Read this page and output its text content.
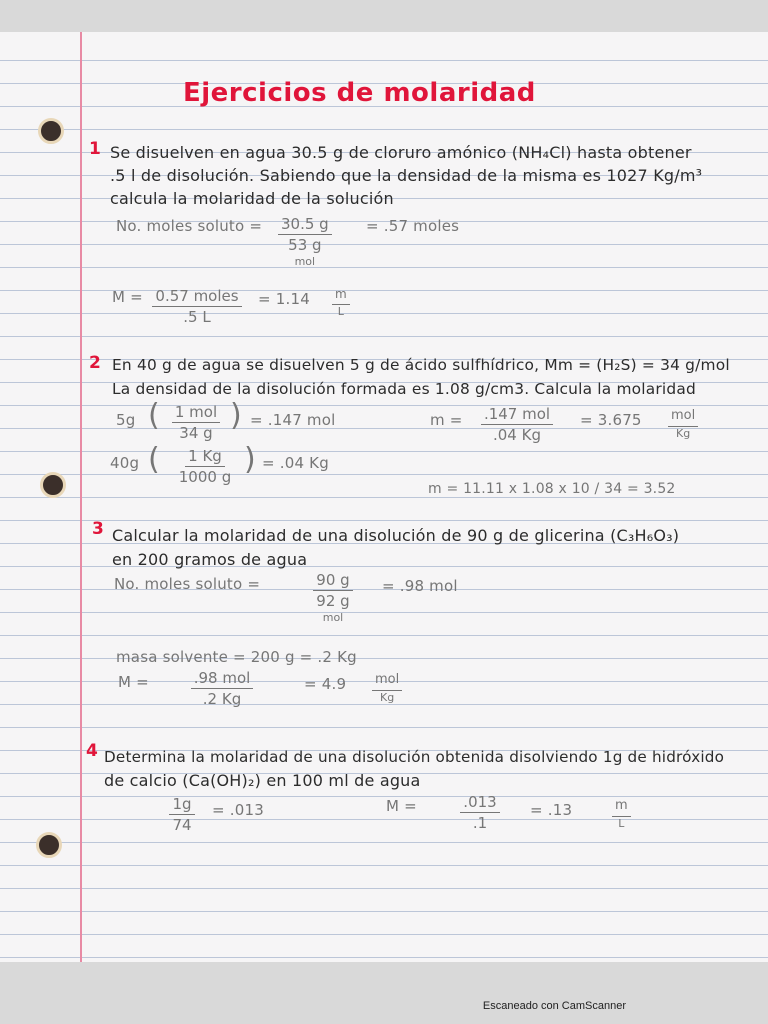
Ejercicios de molaridad
1 Se disuelven en agua 30.5 g de cloruro amónico (NH₄Cl) hasta obtener
.5 l de disolución. Sabiendo que la densidad de la misma es 1027 Kg/m³
calcula la molaridad de la solución
No. moles soluto = 30.5 g
53 g
mol
= .57 moles
M = 0.57 moles
.5 L
= $1.14 \frac{m}{L}$
2 En 40 g de agua se disuelven 5 g de ácido sulfhídrico, Mm = (H₂S) = 34 g/mol
La densidad de la disolución formada es 1.08 g/cm3. Calcula la molaridad
5g ( 1 mol
34 g ) = .147 mol	m = .147 mol
.04 Kg
= 3.675 mol
Kg
40g ( $\frac{1 Kg}{1000 g}$ ) = .04 Kg
m = 11.11 x 1.08 x 10 / 34 = 3.52
3 Calcular la molaridad de una disolución de 90 g de glicerina (C₃H₆O₃)
en 200 gramos de agua
No. moles soluto =	90 g
92 g
mol
= .98 mol
masa solvente = 200 g = .2 Kg
M =	.98 mol
.2 Kg
= 4.9 mol
Kg
4 Determina la molaridad de una disolución obtenida disolviendo 1g de hidróxido
de calcio (Ca(OH)₂) en 100 ml de agua
$\frac{1g}{74} = .013$	$M = \frac{.013}{.1} = .13$	m
L
Escaneado con CamScanner
